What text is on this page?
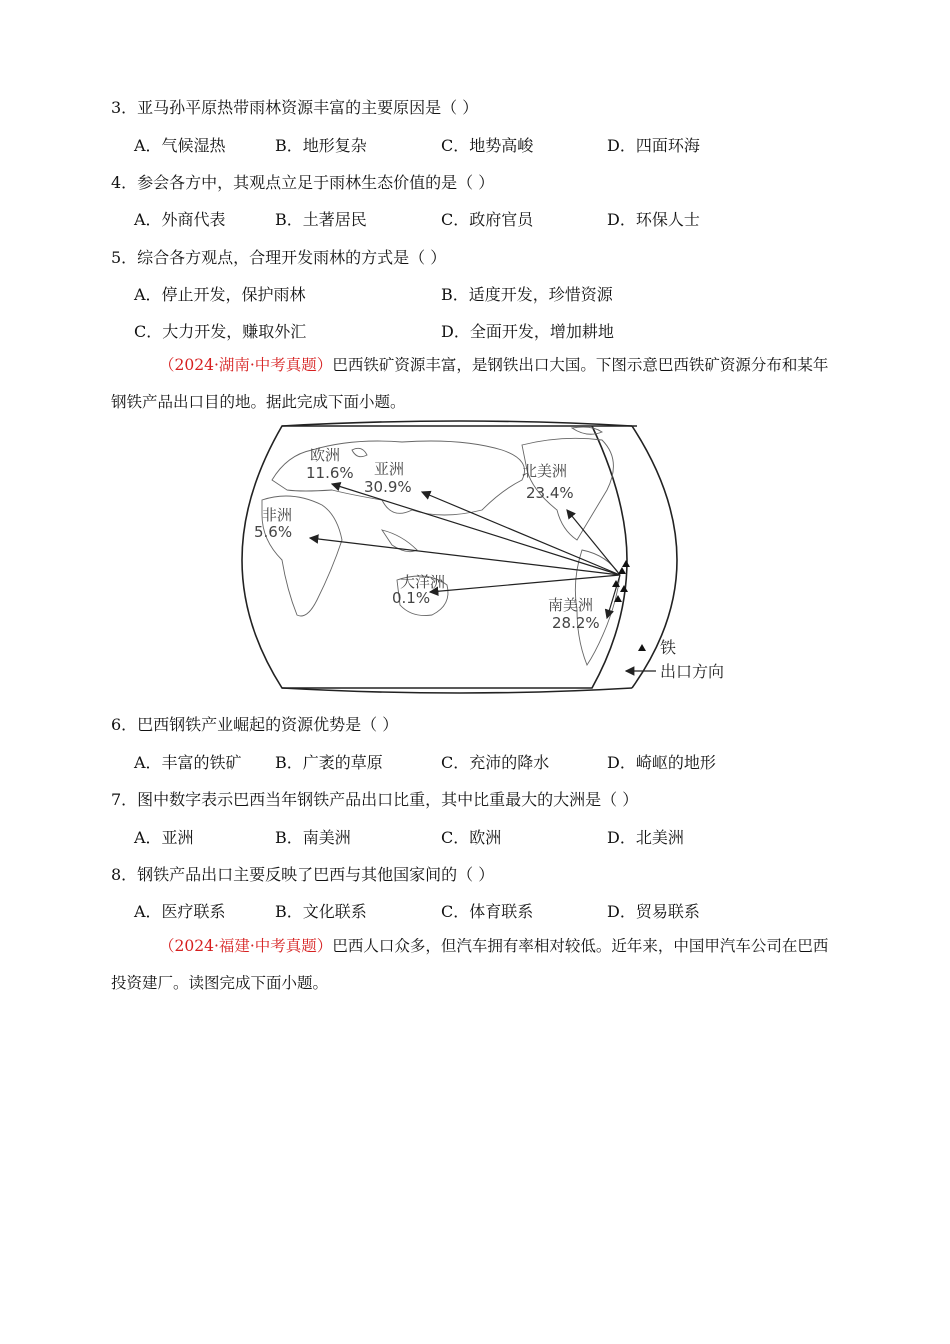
3．亚马孙平原热带雨林资源丰富的主要原因是（ ）
A．气候湿热	B．地形复杂	C．地势高峻	D．四面环海
4．参会各方中，其观点立足于雨林生态价值的是（ ）
A．外商代表	B．土著居民	C．政府官员	D．环保人士
5．综合各方观点，合理开发雨林的方式是（ ）
A．停止开发，保护雨林	B．适度开发，珍惜资源
C．大力开发，赚取外汇	D．全面开发，增加耕地
（2024·湖南·中考真题）巴西铁矿资源丰富，是钢铁出口大国。下图示意巴西铁矿资源分布和某年钢铁产品出口目的地。据此完成下面小题。
欧洲
11.6% 亚洲
30.9%
北美洲
23.4%
非洲
5.6%
大洋洲
0.1%	南美洲
28.2%
铁
出口方向
6．巴西钢铁产业崛起的资源优势是（ ）
A．丰富的铁矿 B．广袤的草原	C．充沛的降水	D．崎岖的地形
7．图中数字表示巴西当年钢铁产品出口比重，其中比重最大的大洲是（ ）
A．亚洲	B．南美洲	C．欧洲	D．北美洲
8．钢铁产品出口主要反映了巴西与其他国家间的（ ）
A．医疗联系	B．文化联系	C．体育联系	D．贸易联系
（2024·福建·中考真题）巴西人口众多，但汽车拥有率相对较低。近年来，中国甲汽车公司在巴西投资建厂。读图完成下面小题。
